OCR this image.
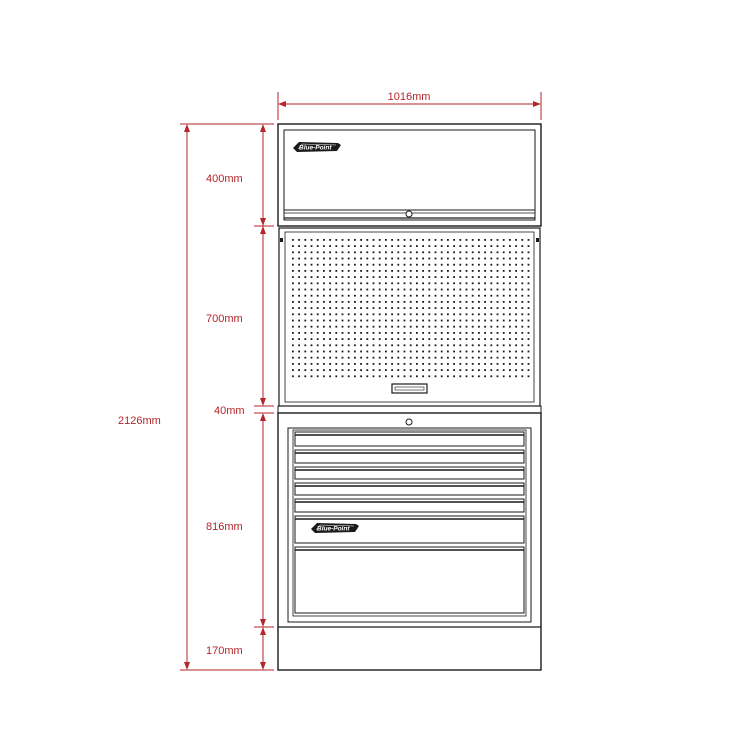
Blue-Point
Blue-Point
1016mm
2126mm
400mm
700mm
40mm
816mm
170mm
